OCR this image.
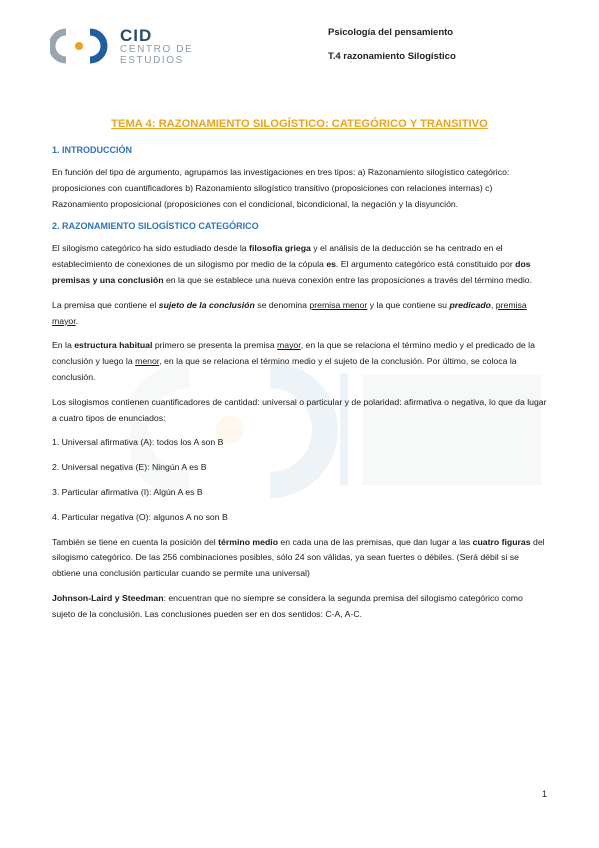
CID
CENTRO DE
ESTUDIOS
Psicología del pensamiento
T.4 razonamiento Silogístico
TEMA 4: RAZONAMIENTO SILOGÍSTICO: CATEGÓRICO Y TRANSITIVO
1. INTRODUCCIÓN

En función del tipo de argumento, agrupamos las investigaciones en tres tipos: a) Razonamiento silogístico categórico: proposiciones con cuantificadores b) Razonamiento silogístico transitivo (proposiciones con relaciones internas) c) Razonamiento proposicional (proposiciones con el condicional, bicondicional, la negación y la disyunción.

2. RAZONAMIENTO SILOGÍSTICO CATEGÓRICO

El silogismo categórico ha sido estudiado desde la filosofía griega y el análisis de la deducción se ha centrado en el establecimiento de conexiones de un silogismo por medio de la cópula es. El argumento categórico está constituido por dos premisas y una conclusión en la que se establece una nueva conexión entre las proposiciones a través del término medio.

La premisa que contiene el sujeto de la conclusión se denomina premisa menor y la que contiene su predicado, premisa mayor.

En la estructura habitual primero se presenta la premisa mayor, en la que se relaciona el término medio y el predicado de la conclusión y luego la menor, en la que se relaciona el término medio y el sujeto de la conclusión. Por último, se coloca la conclusión.

Los silogismos contienen cuantificadores de cantidad: universal o particular y de polaridad: afirmativa o negativa, lo que da lugar a cuatro tipos de enunciados:

1. Universal afirmativa (A): todos los A son B

2. Universal negativa (E): Ningún A es B

3. Particular afirmativa (I): Algún A es B

4. Particular negativa (O): algunos A no son B

También se tiene en cuenta la posición del término medio en cada una de las premisas, que dan lugar a las cuatro figuras del silogismo categórico. De las 256 combinaciones posibles, sólo 24 son válidas, ya sean fuertes o débiles. (Será débil si se obtiene una conclusión particular cuando se permite una universal)

Johnson-Laird y Steedman: encuentran que no siempre se considera la segunda premisa del silogismo categórico como sujeto de la conclusión. Las conclusiones pueden ser en dos sentidos: C-A, A-C.

1
